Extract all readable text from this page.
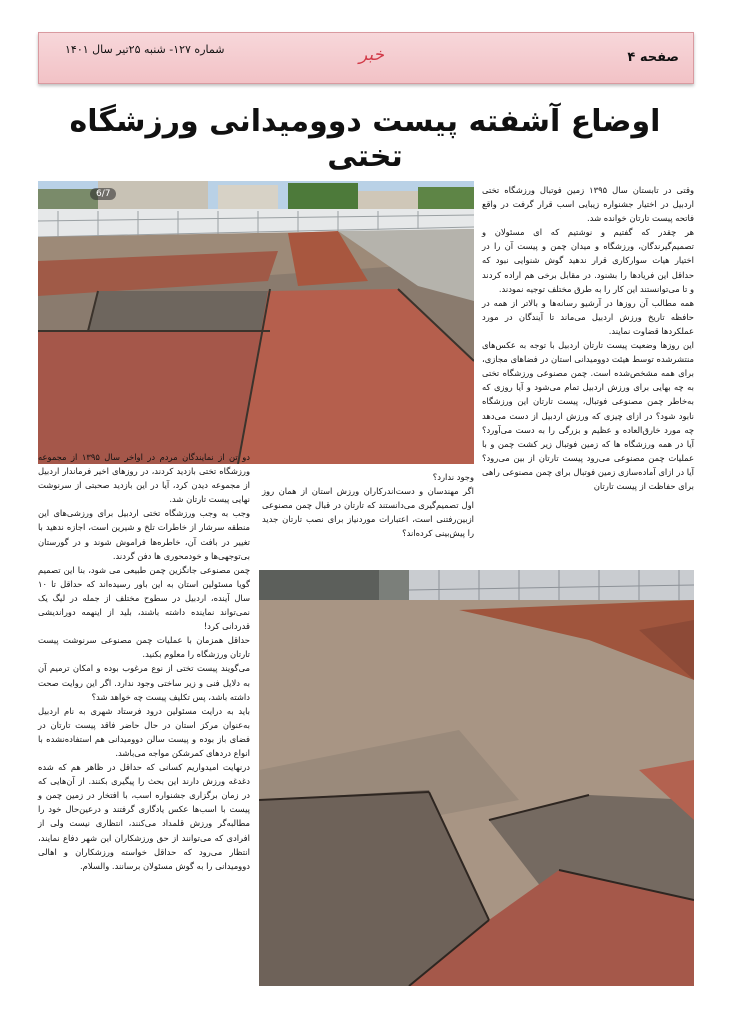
شماره ۱۲۷- شنبه ۲۵تیر سال ۱۴۰۱	خبر	صفحه ۴
اوضاع آشفته پیست دوومیدانی ورزشگاه تختی
6/7	وقتی در تابستان سال ۱۳۹۵ زمین فوتبال ورزشگاه تختی اردبیل در اختیار جشنواره زیبایی اسب قرار گرفت در واقع فاتحه پیست تارتان خوانده شد.

هر چقدر که گفتیم و نوشتیم که ای مسئولان و تصمیم‌گیرندگان، ورزشگاه و میدان چمن و پیست آن را در اختیار هیات سوارکاری قرار ندهید گوش شنوایی نبود که حداقل این فریادها را بشنود. در مقابل برخی هم اراده کردند و تا می‌توانستند این کار را به طرق مختلف توجیه نمودند.

همه مطالب آن روزها در آرشیو رسانه‌ها و بالاتر از همه در حافظه تاریخ ورزش اردبیل می‌ماند تا آیندگان در مورد عملکردها قضاوت نمایند.

این روزها وضعیت پیست تارتان اردبیل با توجه به عکس‌های منتشرشده توسط هیئت دوومیدانی استان در فضاهای مجازی، برای همه مشخص‌شده است. چمن مصنوعی ورزشگاه تختی به چه بهایی برای ورزش اردبیل تمام می‌شود و آیا روزی که به‌خاطر چمن مصنوعی فوتبال، پیست تارتان این ورزشگاه نابود شود؟ در ازای چیزی که ورزش اردبیل از دست می‌دهد چه مورد خارق‌العاده و عظیم و بزرگی را به دست می‌آورد؟ آیا در همه ورزشگاه ها که زمین فوتبال زیر کشت چمن و با عملیات چمن مصنوعی می‌رود پیست تارتان از بین می‌رود؟ آیا در ازای آماده‌سازی زمین فوتبال برای چمن مصنوعی راهی برای حفاظت از پیست تارتان

وجود ندارد؟

اگر مهندسان و دست‌اندرکاران ورزش استان از همان روز اول تصمیم‌گیری می‌دانستند که تارتان در قبال چمن مصنوعی ازبین‌رفتنی است، اعتبارات موردنیاز برای نصب تارتان جدید را پیش‌بینی کرده‌اند؟

دو تن از نمایندگان مردم در اواخر سال ۱۳۹۵ از مجموعه ورزشگاه تختی بازدید کردند، در روزهای اخیر فرماندار اردبیل از مجموعه دیدن کرد، آیا در این بازدید صحبتی از سرنوشت نهایی پیست تارتان شد.

وجب به وجب ورزشگاه تختی اردبیل برای ورزشی‌های این منطقه سرشار از خاطرات تلخ و شیرین است، اجازه ندهید با تغییر در بافت آن، خاطره‌ها فراموش شوند و در گورستان بی‌توجهی‌ها و خودمحوری ها دفن گردند.

چمن مصنوعی جانگزین چمن طبیعی می شود، بنا این تصمیم گویا مسئولین استان به این باور رسیده‌اند که حداقل تا ۱۰ سال آینده، اردبیل در سطوح مختلف از جمله در لیگ یک نمی‌تواند نماینده داشته باشند، بلید از اینهمه دوراندیشی قدردانی کرد!

حداقل همزمان با عملیات چمن مصنوعی سرنوشت پیست تارتان ورزشگاه را معلوم بکنید.

می‌گویند پیست تختی از نوع مرغوب بوده و امکان ترمیم آن به دلایل فنی و زیر ساختی وجود ندارد. اگر این روایت صحت داشته باشد، پس تکلیف پیست چه خواهد شد؟

باید به درایت مسئولین درود فرستاد شهری به نام اردبیل به‌عنوان مرکز استان در حال حاضر فاقد پیست تارتان در فضای باز بوده و پیست سالن دوومیدانی هم استفاده‌نشده با انواع دردهای کمرشکن مواجه می‌باشد.

درنهایت امیدواریم کسانی که حداقل در ظاهر هم که شده دغدغه ورزش دارند این بحث را پیگیری بکنند. از آن‌هایی که در زمان برگزاری جشنواره اسب، با افتخار در زمین چمن و پیست با اسب‌ها عکس یادگاری گرفتند و درعین‌حال خود را مطالبه‌گر ورزش قلمداد می‌کنند، انتظاری نیست ولی از افرادی که می‌توانند از حق ورزشکاران این شهر دفاع نمایند، انتظار می‌رود که حداقل خواسته ورزشکاران و اهالی دوومیدانی را به گوش مسئولان برسانند. والسلام.
